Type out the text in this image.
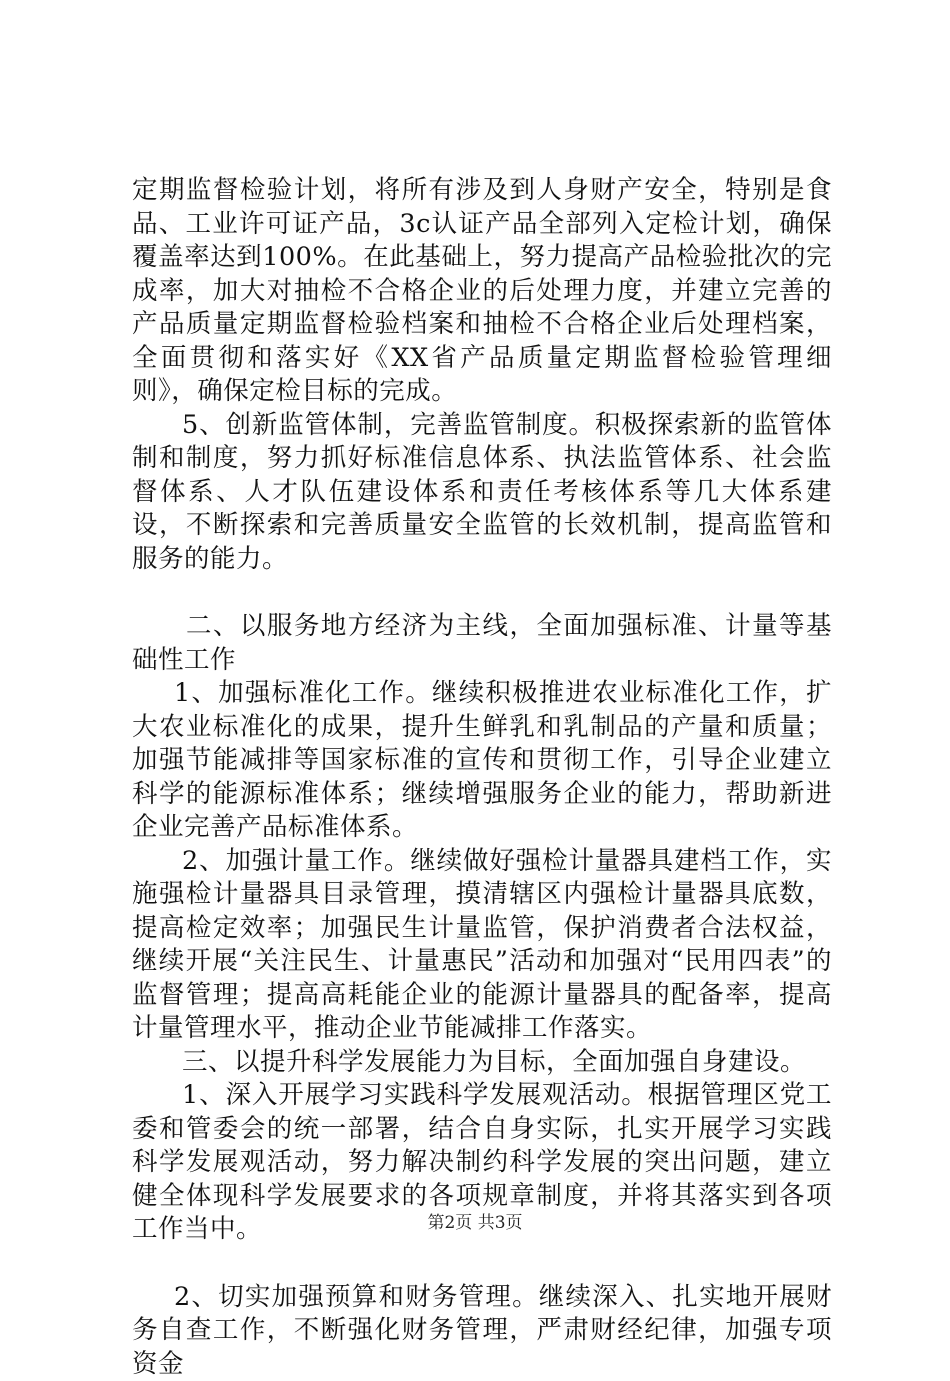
定期监督检验计划，将所有涉及到人身财产安全，特别是食品、工业许可证产品，3c认证产品全部列入定检计划，确保覆盖率达到100%。在此基础上，努力提高产品检验批次的完成率，加大对抽检不合格企业的后处理力度，并建立完善的产品质量定期监督检验档案和抽检不合格企业后处理档案，全面贯彻和落实好《XX省产品质量定期监督检验管理细则》，确保定检目标的完成。

5、创新监管体制，完善监管制度。积极探索新的监管体制和制度，努力抓好标准信息体系、执法监管体系、社会监督体系、人才队伍建设体系和责任考核体系等几大体系建设，不断探索和完善质量安全监管的长效机制，提高监管和服务的能力。

二、以服务地方经济为主线，全面加强标准、计量等基础性工作

1、加强标准化工作。继续积极推进农业标准化工作，扩大农业标准化的成果，提升生鲜乳和乳制品的产量和质量；加强节能减排等国家标准的宣传和贯彻工作，引导企业建立科学的能源标准体系；继续增强服务企业的能力，帮助新进企业完善产品标准体系。

2、加强计量工作。继续做好强检计量器具建档工作，实施强检计量器具目录管理，摸清辖区内强检计量器具底数，提高检定效率；加强民生计量监管，保护消费者合法权益，继续开展“关注民生、计量惠民”活动和加强对“民用四表”的监督管理；提高高耗能企业的能源计量器具的配备率，提高计量管理水平，推动企业节能减排工作落实。

三、以提升科学发展能力为目标，全面加强自身建设。

1、深入开展学习实践科学发展观活动。根据管理区党工委和管委会的统一部署，结合自身实际，扎实开展学习实践科学发展观活动，努力解决制约科学发展的突出问题，建立健全体现科学发展要求的各项规章制度，并将其落实到各项工作当中。

2、切实加强预算和财务管理。继续深入、扎实地开展财务自查工作，不断强化财务管理，严肃财经纪律，加强专项资金

第2页 共3页
